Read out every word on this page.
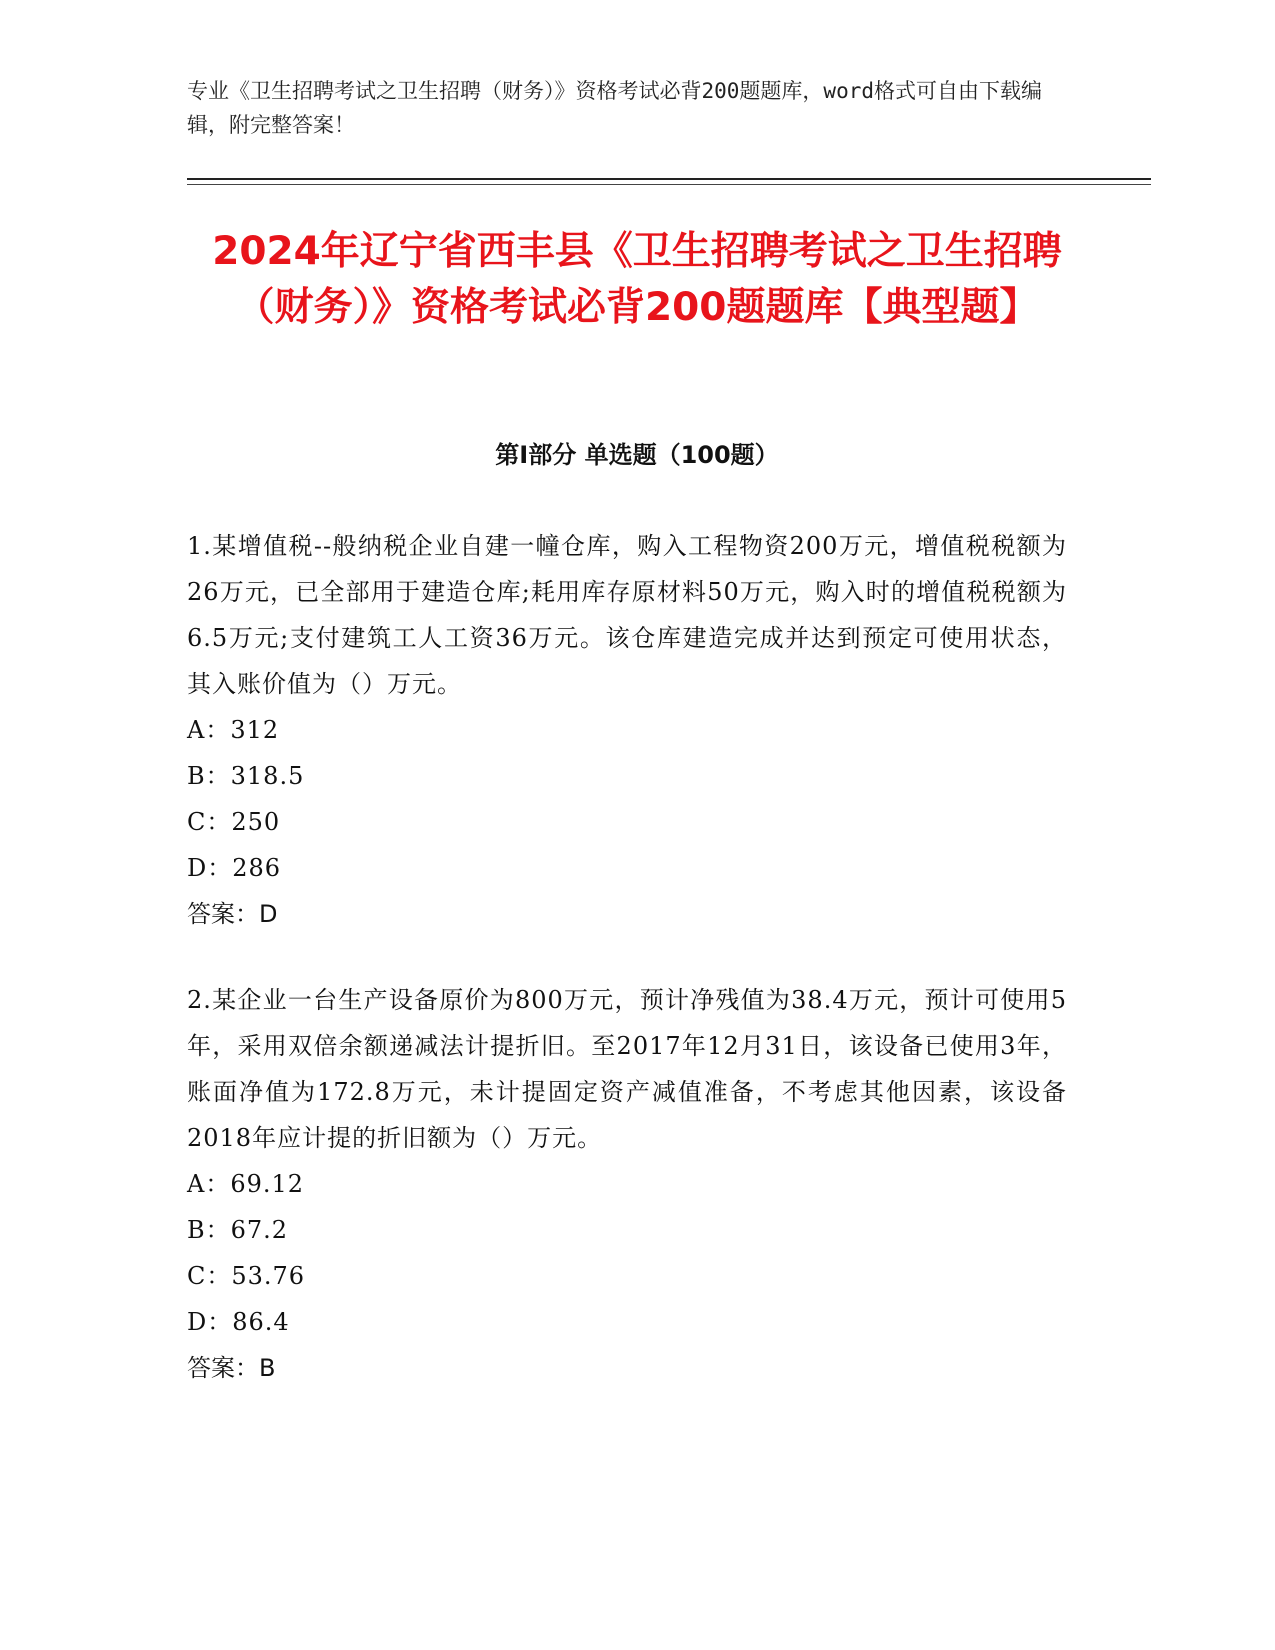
专业《卫生招聘考试之卫生招聘（财务）》资格考试必背200题题库，word格式可自由下载编辑，附完整答案！
2024年辽宁省西丰县《卫生招聘考试之卫生招聘（财务）》资格考试必背200题题库【典型题】
第Ⅰ部分 单选题（100题）
1.某增值税--般纳税企业自建一幢仓库，购入工程物资200万元，增值税税额为26万元，已全部用于建造仓库;耗用库存原材料50万元，购入时的增值税税额为6.5万元;支付建筑工人工资36万元。该仓库建造完成并达到预定可使用状态，其入账价值为（）万元。
A：312
B：318.5
C：250
D：286
答案：D
2.某企业一台生产设备原价为800万元，预计净残值为38.4万元，预计可使用5年，采用双倍余额递减法计提折旧。至2017年12月31日，该设备已使用3年，账面净值为172.8万元，未计提固定资产减值准备，不考虑其他因素，该设备2018年应计提的折旧额为（）万元。
A：69.12
B：67.2
C：53.76
D：86.4
答案：B
